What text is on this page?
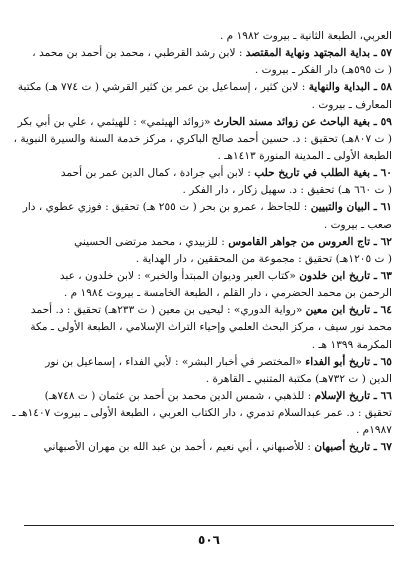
العربي، الطبعة الثانية ـ بيروت ١٩٨٢ م .
٥٧ ـ بداية المجتهد ونهاية المقتصد : لابن رشد القرطبي ، محمد بن أحمد بن محمد ،
( ت ٥٩٥هـ) دار الفكر ـ بيروت .
٥٨ ـ البداية والنهاية : لابن كثير ، إسماعيل بن عمر بن كثير القرشي ( ت ٧٧٤ هـ) مكتبة
المعارف ـ بيروت .
٥٩ ـ بغية الباحث عن زوائد مسند الحارث «زوائد الهيثمي» : للهيثمي ، علي بن أبي بكر
( ت ٨٠٧هـ) تحقيق : د. حسين أحمد صالح الباكري ، مركز خدمة السنة والسيرة النبوية ،
الطبعة الأولى ـ المدينة المنورة ١٤١٣هـ .
٦٠ ـ بغية الطلب في تاريخ حلب : لابن أبي جرادة ، كمال الدين عمر بن أحمد
( ت ٦٦٠ هـ) تحقيق : د. سهيل زكار ، دار الفكر .
٦١ ـ البيان والتبيين : للجاحظ ، عمرو بن بحر ( ت ٢٥٥ هـ) تحقيق : فوزي عطوي ، دار
صعب ـ بيروت .
٦٢ ـ تاج العروس من جواهر القاموس : للزبيدي ، محمد مرتضى الحسيني
( ت ١٢٠٥هـ) تحقيق : مجموعة من المحققين ، دار الهداية .
٦٣ ـ تاريخ ابن خلدون «كتاب العبر وديوان المبتدأ والخبر» : لابن خلدون ، عبد
الرحمن بن محمد الحضرمي ، دار القلم ، الطبعة الخامسة ـ بيروت ١٩٨٤ م .
٦٤ ـ تاريخ ابن معين «رواية الدوري» : ليحيى بن معين ( ت ٢٣٣هـ) تحقيق : د. أحمد
محمد نور سيف ، مركز البحث العلمي وإحياء التراث الإسلامي ، الطبعة الأولى ـ مكة
المكرمة ١٣٩٩ هـ .
٦٥ ـ تاريخ أبو الفداء «المختصر في أخبار البشر» : لأبي الفداء ، إسماعيل بن نور
الدين ( ت ٧٣٢هـ) مكتبة المتنبي ـ القاهرة .
٦٦ ـ تاريخ الإسلام : للذهبي ، شمس الدين محمد بن أحمد بن عثمان ( ت ٧٤٨هـ)
تحقيق : د. عمر عبدالسلام تدمري ، دار الكتاب العربي ، الطبعة الأولى ـ بيروت ١٤٠٧هـ ـ
١٩٨٧م .
٦٧ ـ تاريخ أصبهان : للأصبهاني ، أبي نعيم ، أحمد بن عبد الله بن مهران الأصبهاني
٥٠٦
